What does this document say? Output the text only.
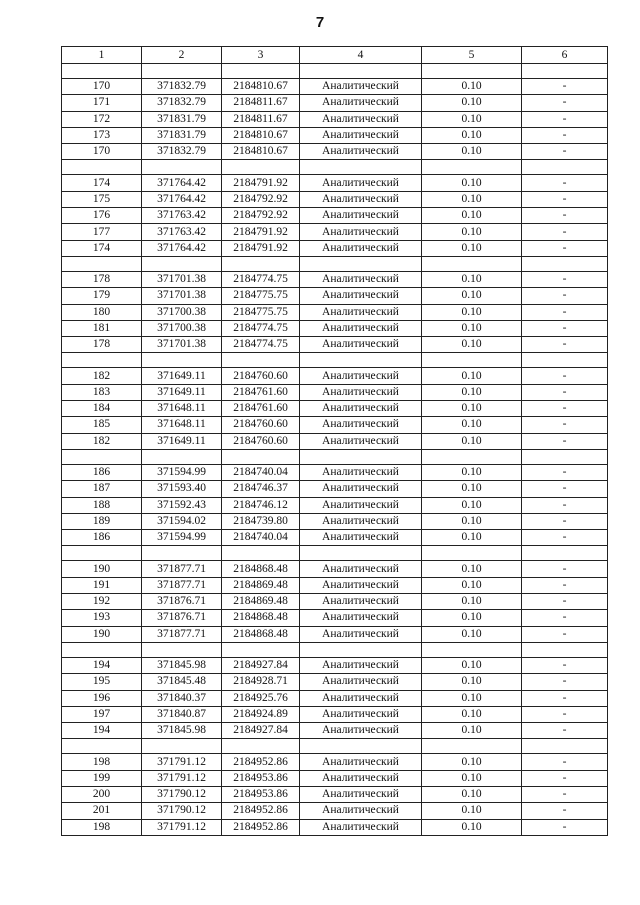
7
1	2	3	4	5	6

170	371832.79	2184810.67	Аналитический	0.10	-
171	371832.79	2184811.67	Аналитический	0.10	-
172	371831.79	2184811.67	Аналитический	0.10	-
173	371831.79	2184810.67	Аналитический	0.10	-
170	371832.79	2184810.67	Аналитический	0.10	-

174	371764.42	2184791.92	Аналитический	0.10	-
175	371764.42	2184792.92	Аналитический	0.10	-
176	371763.42	2184792.92	Аналитический	0.10	-
177	371763.42	2184791.92	Аналитический	0.10	-
174	371764.42	2184791.92	Аналитический	0.10	-

178	371701.38	2184774.75	Аналитический	0.10	-
179	371701.38	2184775.75	Аналитический	0.10	-
180	371700.38	2184775.75	Аналитический	0.10	-
181	371700.38	2184774.75	Аналитический	0.10	-
178	371701.38	2184774.75	Аналитический	0.10	-

182	371649.11	2184760.60	Аналитический	0.10	-
183	371649.11	2184761.60	Аналитический	0.10	-
184	371648.11	2184761.60	Аналитический	0.10	-
185	371648.11	2184760.60	Аналитический	0.10	-
182	371649.11	2184760.60	Аналитический	0.10	-

186	371594.99	2184740.04	Аналитический	0.10	-
187	371593.40	2184746.37	Аналитический	0.10	-
188	371592.43	2184746.12	Аналитический	0.10	-
189	371594.02	2184739.80	Аналитический	0.10	-
186	371594.99	2184740.04	Аналитический	0.10	-

190	371877.71	2184868.48	Аналитический	0.10	-
191	371877.71	2184869.48	Аналитический	0.10	-
192	371876.71	2184869.48	Аналитический	0.10	-
193	371876.71	2184868.48	Аналитический	0.10	-
190	371877.71	2184868.48	Аналитический	0.10	-

194	371845.98	2184927.84	Аналитический	0.10	-
195	371845.48	2184928.71	Аналитический	0.10	-
196	371840.37	2184925.76	Аналитический	0.10	-
197	371840.87	2184924.89	Аналитический	0.10	-
194	371845.98	2184927.84	Аналитический	0.10	-

198	371791.12	2184952.86	Аналитический	0.10	-
199	371791.12	2184953.86	Аналитический	0.10	-
200	371790.12	2184953.86	Аналитический	0.10	-
201	371790.12	2184952.86	Аналитический	0.10	-
198	371791.12	2184952.86	Аналитический	0.10	-
